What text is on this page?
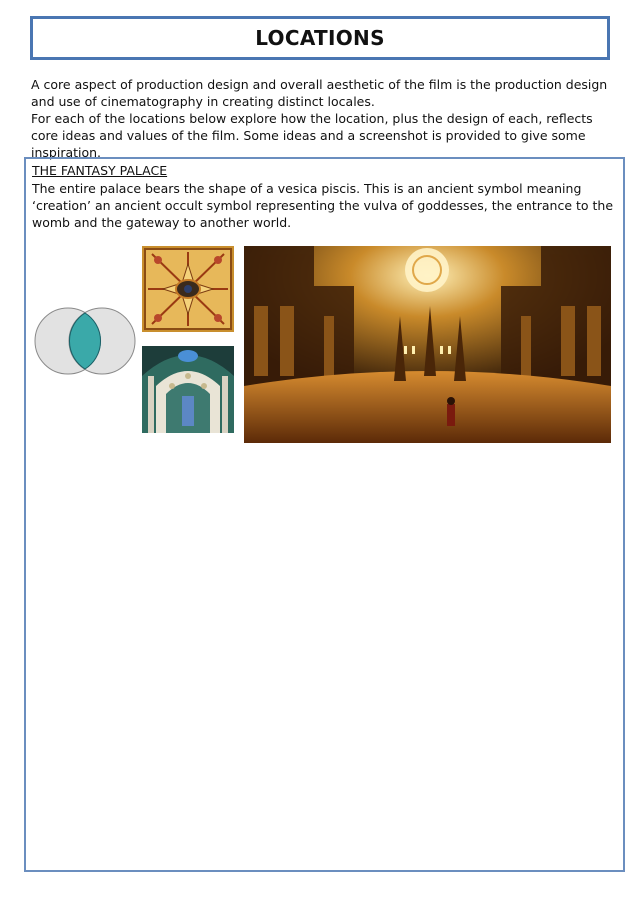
LOCATIONS

A core aspect of production design and overall aesthetic of the film is the production design and use of cinematography in creating distinct locales.

For each of the locations below explore how the location, plus the design of each, reflects core ideas and values of the film. Some ideas and a screenshot is provided to give some inspiration.

THE FANTASY PALACE

The entire palace bears the shape of a vesica piscis. This is an ancient symbol meaning ‘creation’ an ancient occult symbol representing the vulva of goddesses, the entrance to the womb and the gateway to another world.
